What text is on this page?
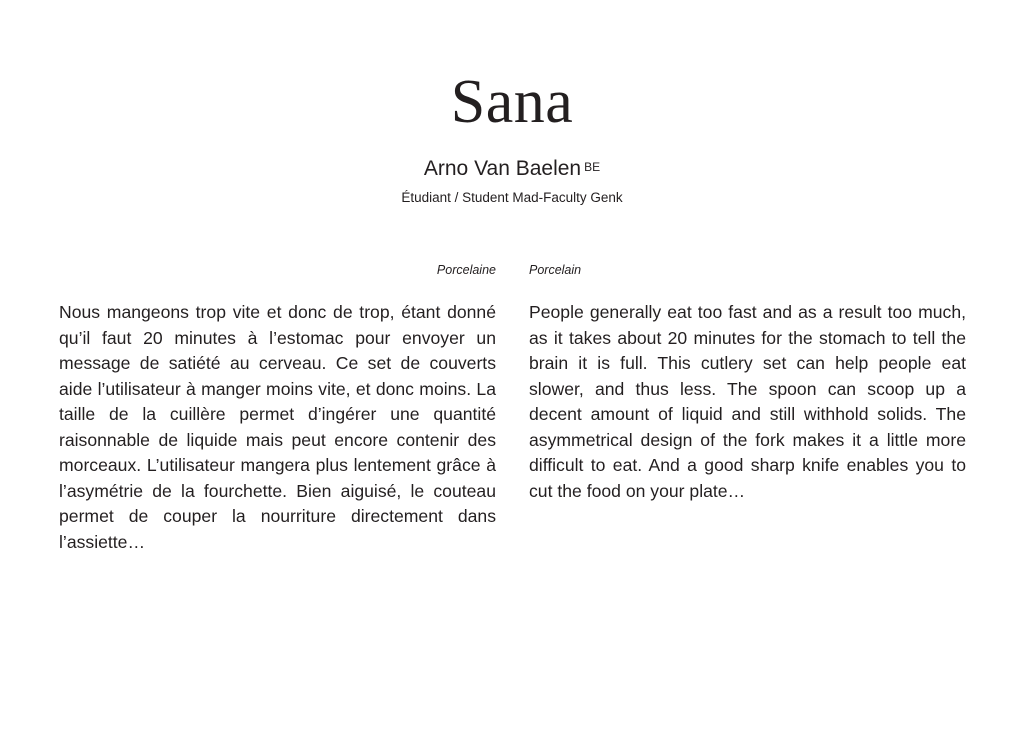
Sana
Arno Van Baelen $^{BE}$
Étudiant / Student Mad-Faculty Genk
Porcelaine	Porcelain

Nous mangeons trop vite et donc de trop, étant donné qu’il faut 20 minutes à l’estomac pour envoyer un message de satiété au cerveau. Ce set de couverts aide l’utilisateur à manger moins vite, et donc moins. La taille de la cuillère permet d’ingérer une quantité raisonnable de liquide mais peut encore contenir des morceaux. L’utilisateur mangera plus lentement grâce à l’asymétrie de la fourchette. Bien aiguisé, le couteau permet de couper la nourriture directement dans l’assiette…

People generally eat too fast and as a result too much, as it takes about 20 minutes for the stomach to tell the brain it is full. This cutlery set can help people eat slower, and thus less. The spoon can scoop up a decent amount of liquid and still withhold solids. The asymmetrical design of the fork makes it a little more difficult to eat. And a good sharp knife enables you to cut the food on your plate…
